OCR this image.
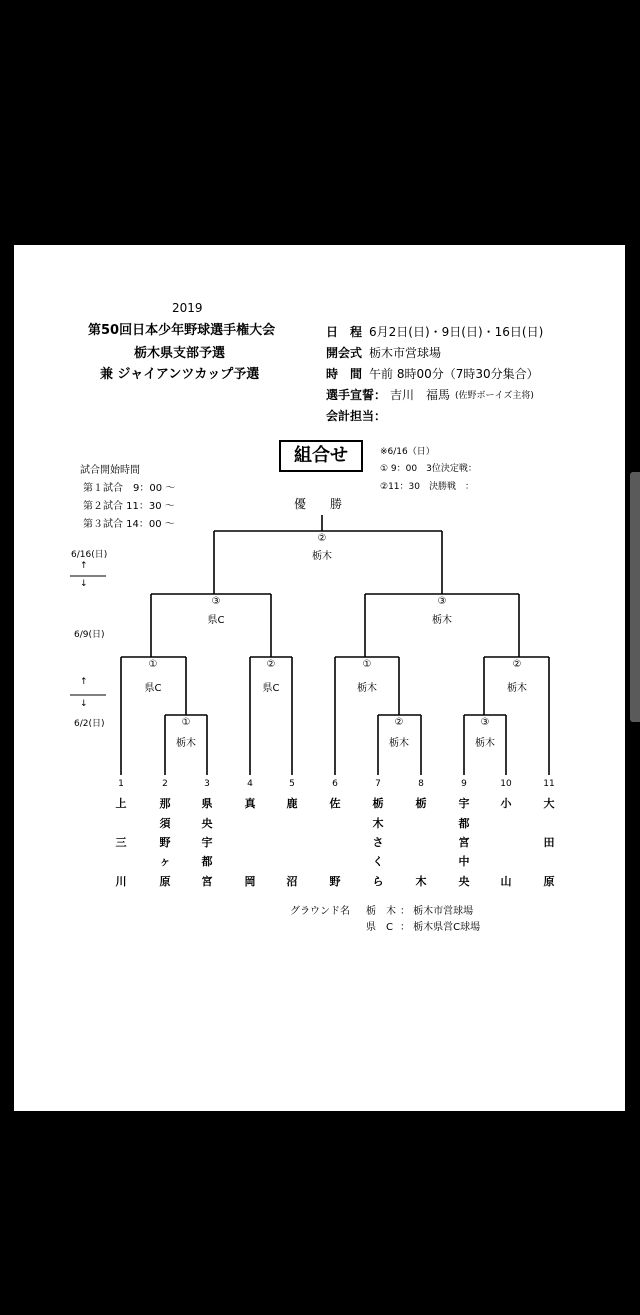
2019
第50回日本少年野球選手権大会
栃木県支部予選
兼 ジャイアンツカップ予選
日　程 6月2日(日)・9日(日)・16日(日)
開会式 栃木市営球場
時　間 午前 8時00分（7時30分集合）
選手宣誓： 吉川　福馬 (佐野ボーイズ主将)
会計担当：
組合せ	※6/16（日）
① 9：00　3位決定戦：
②11：30　決勝戦　：
試合開始時間
第１試合　9：00 〜
第２試合 11：30 〜
第３試合 14：00 〜
6/16(日)
↑
↓
6/9(日)
↑
↓
6/2(日)
優　　勝
②
栃木
③
県C
③
栃木
①
県C
②
県C
①
栃木
②
栃木
①
栃木
②
栃木
③
栃木
1
上
三
川
2
那
須
野
ヶ
原
3
県
央
宇
都
宮
4
真
岡
5
鹿
沼
6
佐
野
7
栃
木
さ
く
ら
8
栃
木
9
宇
都
宮
中
央
10
小
山
11
大
田
原
グラウンド名 栃　木 ： 栃木市営球場
県　C ： 栃木県営C球場
